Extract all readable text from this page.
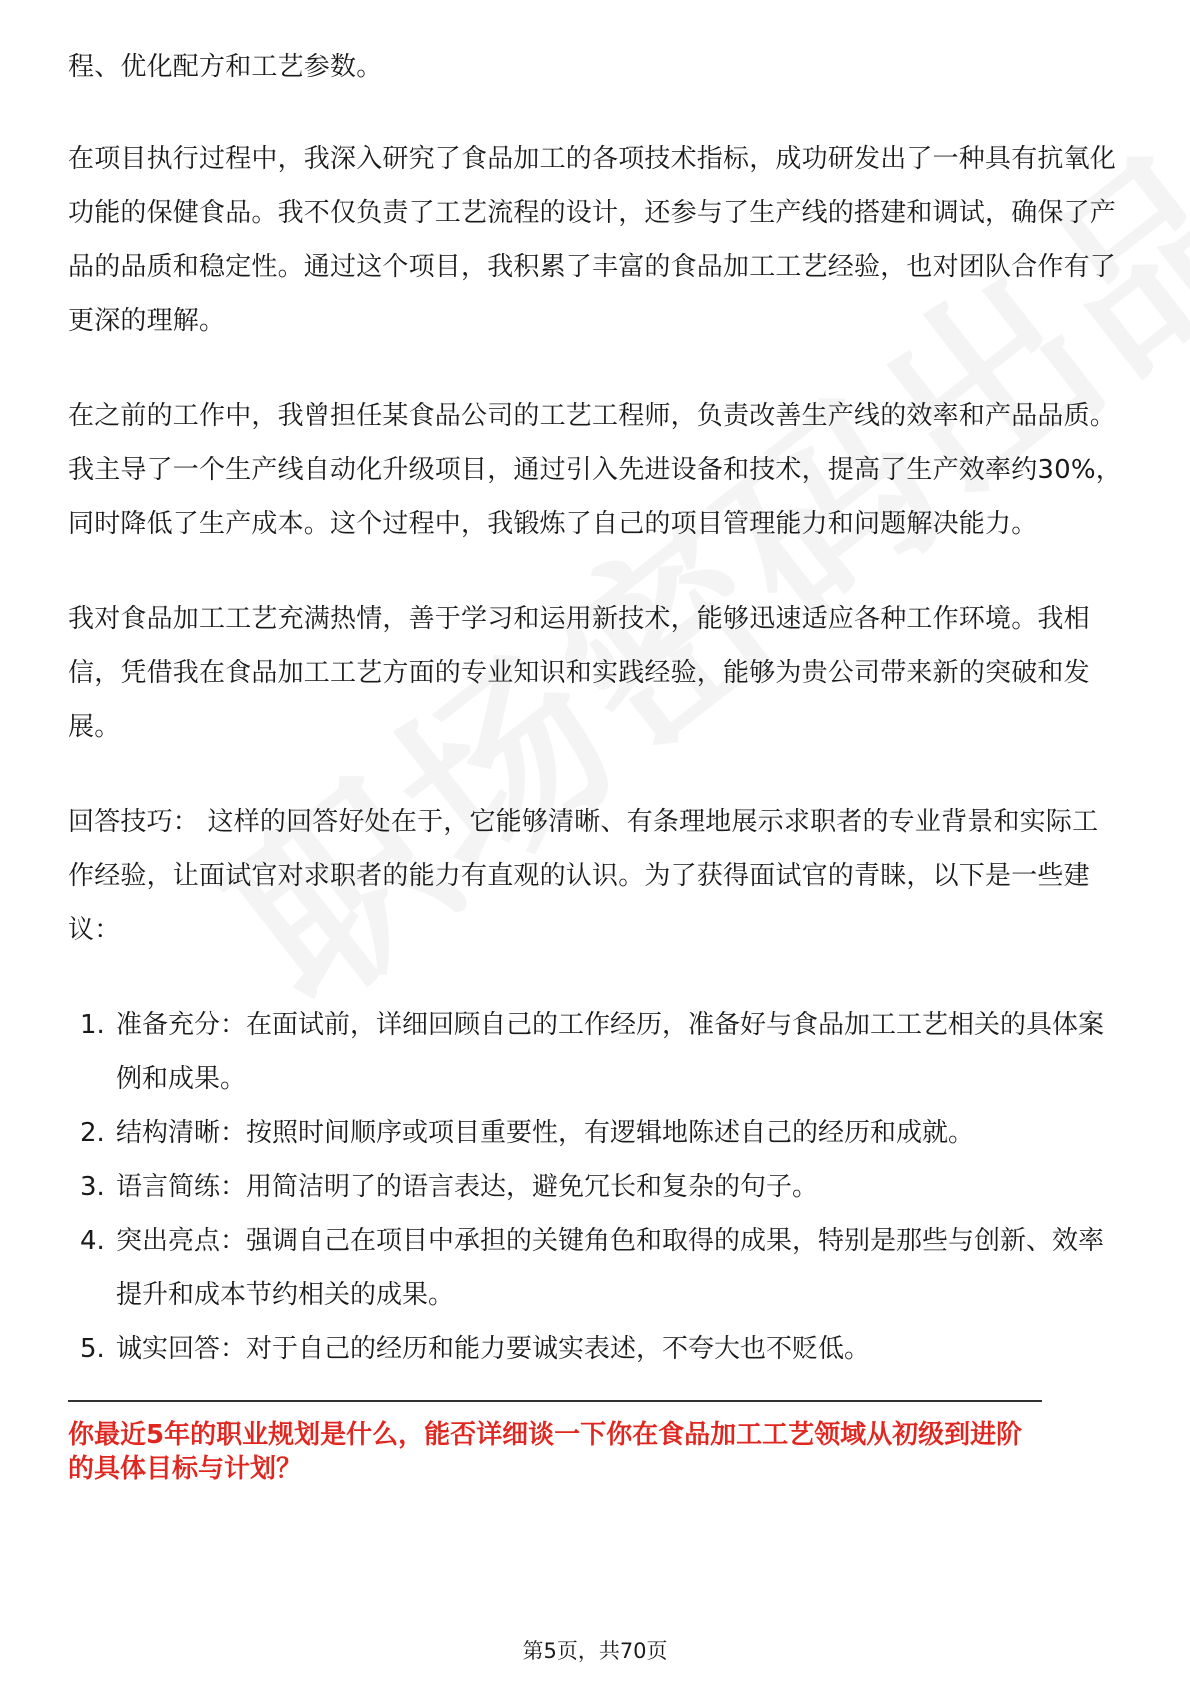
程、优化配方和工艺参数。

在项目执行过程中，我深入研究了食品加工的各项技术指标，成功研发出了一种具有抗氧化功能的保健食品。我不仅负责了工艺流程的设计，还参与了生产线的搭建和调试，确保了产品的品质和稳定性。通过这个项目，我积累了丰富的食品加工工艺经验，也对团队合作有了更深的理解。

在之前的工作中，我曾担任某食品公司的工艺工程师，负责改善生产线的效率和产品品质。我主导了一个生产线自动化升级项目，通过引入先进设备和技术，提高了生产效率约30%，同时降低了生产成本。这个过程中，我锻炼了自己的项目管理能力和问题解决能力。

我对食品加工工艺充满热情，善于学习和运用新技术，能够迅速适应各种工作环境。我相信，凭借我在食品加工工艺方面的专业知识和实践经验，能够为贵公司带来新的突破和发展。

回答技巧： 这样的回答好处在于，它能够清晰、有条理地展示求职者的专业背景和实际工作经验，让面试官对求职者的能力有直观的认识。为了获得面试官的青睐，以下是一些建议：

1. 准备充分：在面试前，详细回顾自己的工作经历，准备好与食品加工工艺相关的具体案例和成果。
2. 结构清晰：按照时间顺序或项目重要性，有逻辑地陈述自己的经历和成就。
3. 语言简练：用简洁明了的语言表达，避免冗长和复杂的句子。
4. 突出亮点：强调自己在项目中承担的关键角色和取得的成果，特别是那些与创新、效率提升和成本节约相关的成果。
5. 诚实回答：对于自己的经历和能力要诚实表述，不夸大也不贬低。
你最近5年的职业规划是什么，能否详细谈一下你在食品加工工艺领域从初级到进阶的具体目标与计划？
第5页，共70页
